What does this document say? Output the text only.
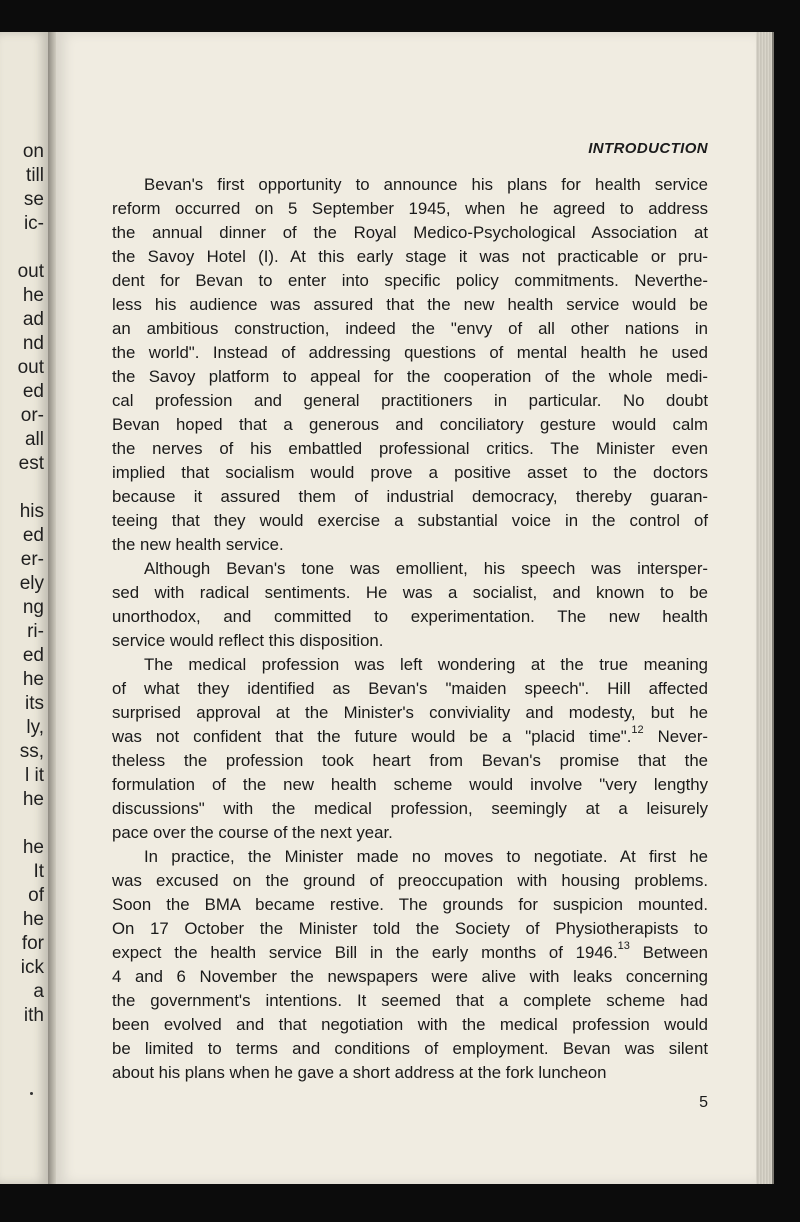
on
till
se
ic-
out
he
ad
nd
out
ed
or-
all
est
his
ed
er-
ely
ng
ri-
ed
he
its
ly,
ss,
l it
he
he
It
of
he
for
ick
a
ith

INTRODUCTION

Bevan's first opportunity to announce his plans for health service
reform occurred on 5 September 1945, when he agreed to address
the annual dinner of the Royal Medico-Psychological Association at
the Savoy Hotel (I). At this early stage it was not practicable or pru-
dent for Bevan to enter into specific policy commitments. Neverthe-
less his audience was assured that the new health service would be
an ambitious construction, indeed the "envy of all other nations in
the world". Instead of addressing questions of mental health he used
the Savoy platform to appeal for the cooperation of the whole medi-
cal profession and general practitioners in particular. No doubt
Bevan hoped that a generous and conciliatory gesture would calm
the nerves of his embattled professional critics. The Minister even
implied that socialism would prove a positive asset to the doctors
because it assured them of industrial democracy, thereby guaran-
teeing that they would exercise a substantial voice in the control of
the new health service.
Although Bevan's tone was emollient, his speech was intersper-
sed with radical sentiments. He was a socialist, and known to be
unorthodox, and committed to experimentation. The new health
service would reflect this disposition.
The medical profession was left wondering at the true meaning
of what they identified as Bevan's "maiden speech". Hill affected
surprised approval at the Minister's conviviality and modesty, but he
was not confident that the future would be a "placid time".$^{12}$ Never-
theless the profession took heart from Bevan's promise that the
formulation of the new health scheme would involve "very lengthy
discussions" with the medical profession, seemingly at a leisurely
pace over the course of the next year.
In practice, the Minister made no moves to negotiate. At first he
was excused on the ground of preoccupation with housing problems.
Soon the BMA became restive. The grounds for suspicion mounted.
On 17 October the Minister told the Society of Physiotherapists to
expect the health service Bill in the early months of 1946.13 Between
4 and 6 November the newspapers were alive with leaks concerning
the government's intentions. It seemed that a complete scheme had
been evolved and that negotiation with the medical profession would
be limited to terms and conditions of employment. Bevan was silent
about his plans when he gave a short address at the fork luncheon

5
